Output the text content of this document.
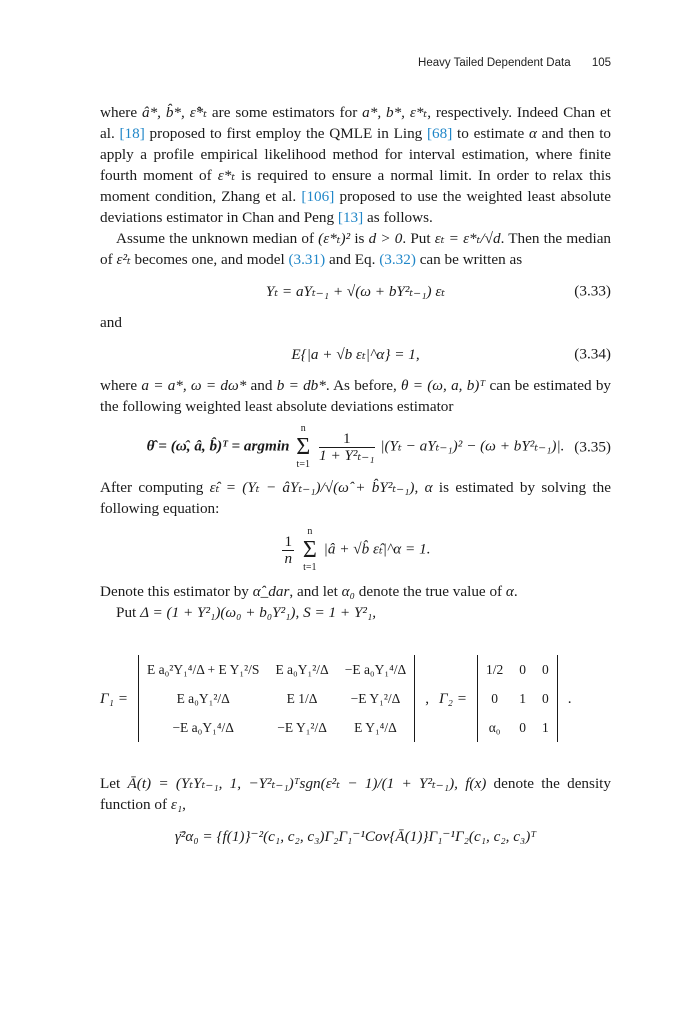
Heavy Tailed Dependent Data 105

where â*, b̂*, ε̂*ₜ are some estimators for a*, b*, ε*ₜ, respectively. Indeed Chan et al. [18] proposed to first employ the QMLE in Ling [68] to estimate α and then to apply a profile empirical likelihood method for interval estimation, where finite fourth moment of ε*ₜ is required to ensure a normal limit. In order to relax this moment condition, Zhang et al. [106] proposed to use the weighted least absolute deviations estimator in Chan and Peng [13] as follows.

Assume the unknown median of (ε*ₜ)² is d > 0. Put εₜ = ε*ₜ/√d. Then the median of ε²ₜ becomes one, and model (3.31) and Eq. (3.32) can be written as

Yₜ = aYₜ₋₁ + √(ω + bY²ₜ₋₁) εₜ	(3.33)

and

E{|a + √b εₜ|^α} = 1,	(3.34)

where a = a*, ω = dω* and b = db*. As before, θ = (ω, a, b)ᵀ can be estimated by the following weighted least absolute deviations estimator

θ̂ = (ω̂, â, b̂)ᵀ = argmin
n
Σ
t=1

$\frac{1}{\text{1 + Y²ₜ₋₁}} |(Y_t - aY_{t-1})^2 - (\omega + bY^2_{t-1})|$. (3.35)

After computing ε̂ₜ = (Yₜ − âYₜ₋₁)/√(ω̂ + b̂Y²ₜ₋₁), α is estimated by solving the following equation:

$\frac{1}{n}$

n
Σ
t=1
|â + √b̂ ε̂ₜ|^α = 1.

Denote this estimator by α̂_dar, and let α₀ denote the true value of α.

Put Δ = (1 + Y²₁)(ω₀ + b₀Y²₁), S = 1 + Y²₁,

Γ₁ =
E a₀²Y₁⁴/Δ + E Y₁²/S	E a₀Y₁²/Δ	−E a₀Y₁⁴/Δ
E a₀Y₁²/Δ	E 1/Δ	−E Y₁²/Δ
−E a₀Y₁⁴/Δ	−E Y₁²/Δ	E Y₁⁴/Δ
, Γ₂ =
1/2	0	0
0	1	0
α₀	0	1
.

Let Ā(t) = (YₜYₜ₋₁, 1, −Y²ₜ₋₁)ᵀsgn(ε²ₜ − 1)/(1 + Y²ₜ₋₁), f(x) denote the density function of ε₁,

γ̄²α₀ = {f(1)}⁻²(c₁, c₂, c₃)Γ₂Γ₁⁻¹Cov{Ā(1)}Γ₁⁻¹Γ₂(c₁, c₂, c₃)ᵀ
